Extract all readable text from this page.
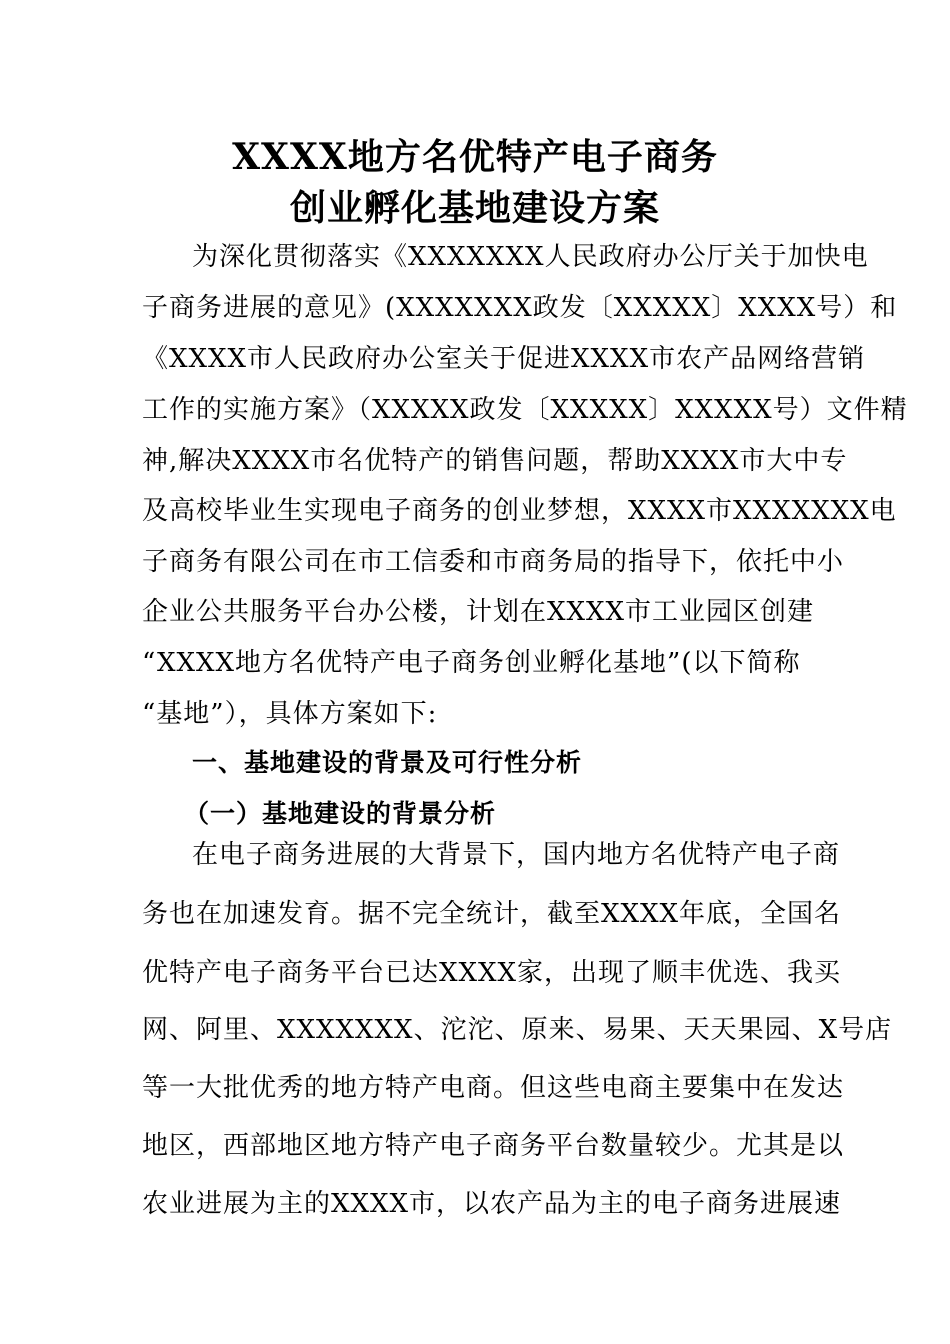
XXXX地方名优特产电子商务
创业孵化基地建设方案
为深化贯彻落实《XXXXXXX人民政府办公厅关于加快电
子商务进展的意见》(XXXXXXX政发〔XXXXX〕XXXX号）和
《XXXX市人民政府办公室关于促进XXXX市农产品网络营销
工作的实施方案》（XXXXX政发〔XXXXX〕XXXXX号）文件精
神,解决XXXX市名优特产的销售问题，帮助XXXX市大中专
及高校毕业生实现电子商务的创业梦想，XXXX市XXXXXXX电
子商务有限公司在市工信委和市商务局的指导下，依托中小
企业公共服务平台办公楼，计划在XXXX市工业园区创建
“XXXX地方名优特产电子商务创业孵化基地”(以下简称
“基地”），具体方案如下:
一、基地建设的背景及可行性分析
（一）基地建设的背景分析
在电子商务进展的大背景下，国内地方名优特产电子商
务也在加速发育。据不完全统计，截至XXXX年底，全国名
优特产电子商务平台已达XXXX家，出现了顺丰优选、我买
网、阿里、XXXXXXX、沱沱、原来、易果、天天果园、X号店
等一大批优秀的地方特产电商。但这些电商主要集中在发达
地区，西部地区地方特产电子商务平台数量较少。尤其是以
农业进展为主的XXXX市，以农产品为主的电子商务进展速
